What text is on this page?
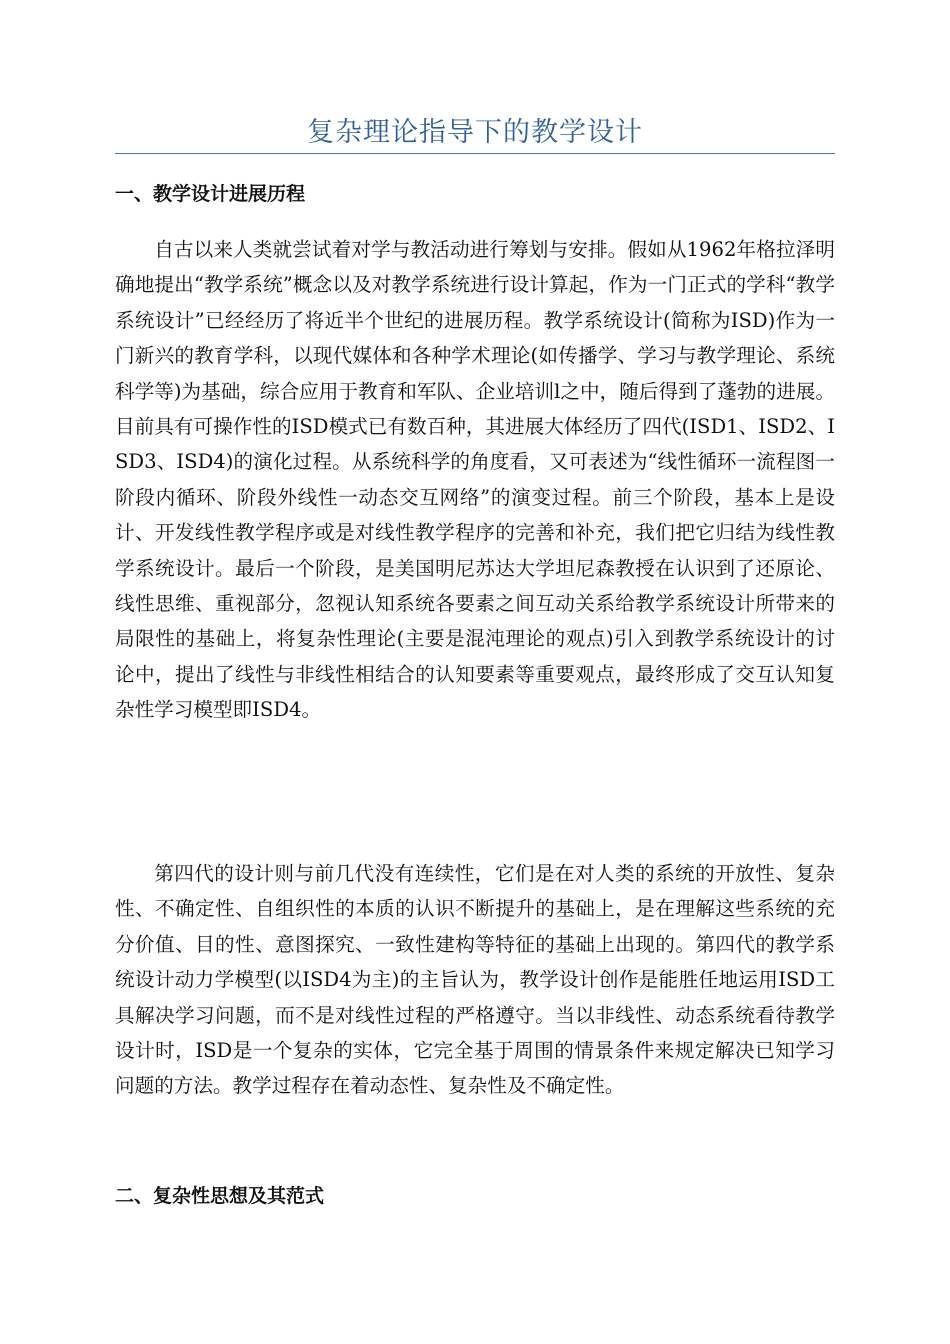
复杂理论指导下的教学设计
一、教学设计进展历程
自古以来人类就尝试着对学与教活动进行筹划与安排。假如从1962年格拉泽明确地提出“教学系统”概念以及对教学系统进行设计算起，作为一门正式的学科“教学系统设计”已经经历了将近半个世纪的进展历程。教学系统设计(简称为ISD)作为一门新兴的教育学科，以现代媒体和各种学术理论(如传播学、学习与教学理论、系统科学等)为基础，综合应用于教育和军队、企业培训l之中，随后得到了蓬勃的进展。目前具有可操作性的ISD模式已有数百种，其进展大体经历了四代(ISD1、ISD2、ISD3、ISD4)的演化过程。从系统科学的角度看，又可表述为“线性循环一流程图一阶段内循环、阶段外线性一动态交互网络”的演变过程。前三个阶段，基本上是设计、开发线性教学程序或是对线性教学程序的完善和补充，我们把它归结为线性教学系统设计。最后一个阶段，是美国明尼苏达大学坦尼森教授在认识到了还原论、线性思维、重视部分，忽视认知系统各要素之间互动关系给教学系统设计所带来的局限性的基础上，将复杂性理论(主要是混沌理论的观点)引入到教学系统设计的讨论中，提出了线性与非线性相结合的认知要素等重要观点，最终形成了交互认知复杂性学习模型即ISD4。
第四代的设计则与前几代没有连续性，它们是在对人类的系统的开放性、复杂性、不确定性、自组织性的本质的认识不断提升的基础上，是在理解这些系统的充分价值、目的性、意图探究、一致性建构等特征的基础上出现的。第四代的教学系统设计动力学模型(以ISD4为主)的主旨认为，教学设计创作是能胜任地运用ISD工具解决学习问题，而不是对线性过程的严格遵守。当以非线性、动态系统看待教学设计时，ISD是一个复杂的实体，它完全基于周围的情景条件来规定解决已知学习问题的方法。教学过程存在着动态性、复杂性及不确定性。
二、复杂性思想及其范式
